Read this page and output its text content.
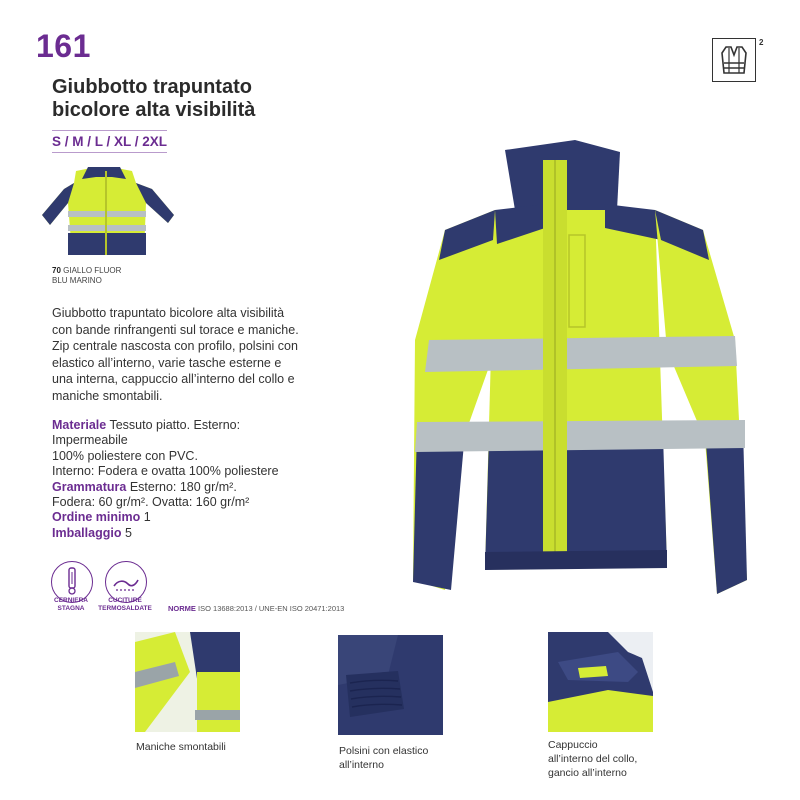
161
Giubbotto trapuntato
bicolore alta visibilità
S / M / L / XL / 2XL
2
70 GIALLO FLUOR
BLU MARINO
Giubbotto trapuntato bicolore alta visibilità
con bande rinfrangenti sul torace e maniche.
Zip centrale nascosta con profilo, polsini con
elastico all’interno, varie tasche esterne e
una interna, cappuccio all’interno del collo e
maniche smontabili.
Materiale Tessuto piatto. Esterno:
Impermeabile
100% poliestere con PVC.
Interno: Fodera e ovatta 100% poliestere
Grammatura Esterno: 180 gr/m².
Fodera: 60 gr/m². Ovatta: 160 gr/m²
Ordine minimo 1
Imballaggio 5
CERNIERA
STAGNA
CUCITURE
TERMOSALDATE	NORME ISO 13688:2013 / UNE-EN ISO 20471:2013
Maniche smontabili	Polsini con elastico
all’interno
Cappuccio
all’interno del collo,
gancio all’interno
